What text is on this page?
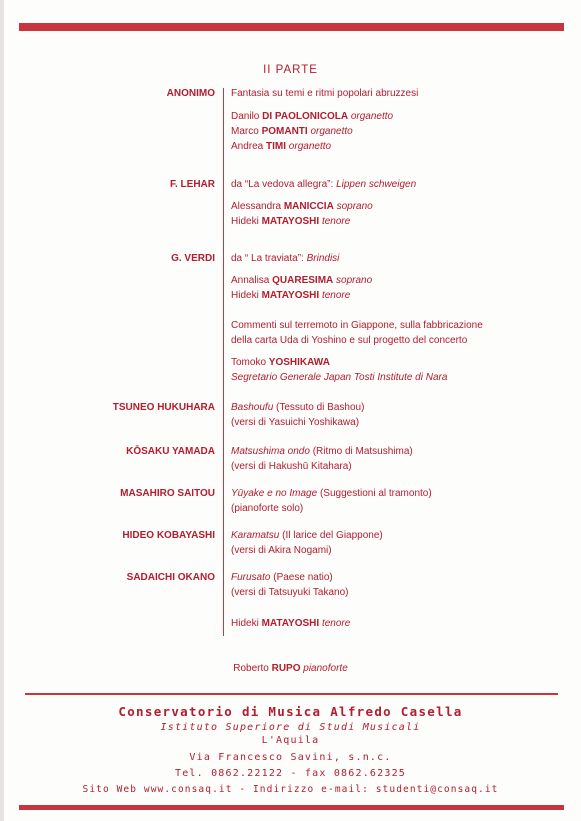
II PARTE
ANONIMO Fantasia su temi e ritmi popolari abruzzesi

Danilo DI PAOLONICOLA organetto

Marco POMANTI organetto

Andrea TIMI organetto

F. LEHAR da “La vedova allegra”: Lippen schweigen

Alessandra MANICCIA soprano

Hideki MATAYOSHI tenore

G. VERDI da “ La traviata”: Brindisi

Annalisa QUARESIMA soprano

Hideki MATAYOSHI tenore

Commenti sul terremoto in Giappone, sulla fabbricazione

della carta Uda di Yoshino e sul progetto del concerto

Tomoko YOSHIKAWA

Segretario Generale Japan Tosti Institute di Nara

TSUNEO HUKUHARA Bashoufu (Tessuto di Bashou)

(versi di Yasuichi Yoshikawa)

KŌSAKU YAMADA Matsushima ondo (Ritmo di Matsushima)

(versi di Hakushū Kitahara)

MASAHIRO SAITOU Yūyake e no Image (Suggestioni al tramonto)

(pianoforte solo)

HIDEO KOBAYASHI Karamatsu (Il larice del Giappone)

(versi di Akira Nogami)

SADAICHI OKANO Furusato (Paese natio)

(versi di Tatsuyuki Takano)

Hideki MATAYOSHI tenore

Roberto RUPO pianoforte
Conservatorio di Musica Alfredo Casella
Istituto Superiore di Studi Musicali
L'Aquila
Via Francesco Savini, s.n.c.
Tel. 0862.22122 - fax 0862.62325
Sito Web www.consaq.it - Indirizzo e-mail: studenti@consaq.it
